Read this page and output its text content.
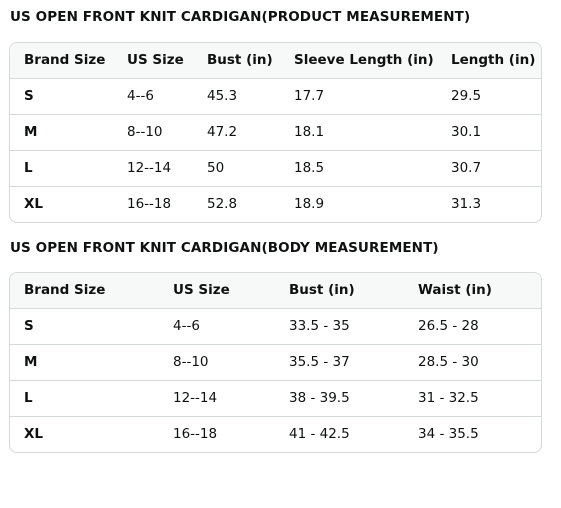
US OPEN FRONT KNIT CARDIGAN(PRODUCT MEASUREMENT)
Brand Size	US Size	Bust (in)	Sleeve Length (in)	Length (in)
S	4--6	45.3	17.7	29.5
M	8--10	47.2	18.1	30.1
L	12--14	50	18.5	30.7
XL	16--18	52.8	18.9	31.3
US OPEN FRONT KNIT CARDIGAN(BODY MEASUREMENT)
Brand Size	US Size	Bust (in)	Waist (in)
S	4--6	33.5 - 35	26.5 - 28
M	8--10	35.5 - 37	28.5 - 30
L	12--14	38 - 39.5	31 - 32.5
XL	16--18	41 - 42.5	34 - 35.5
